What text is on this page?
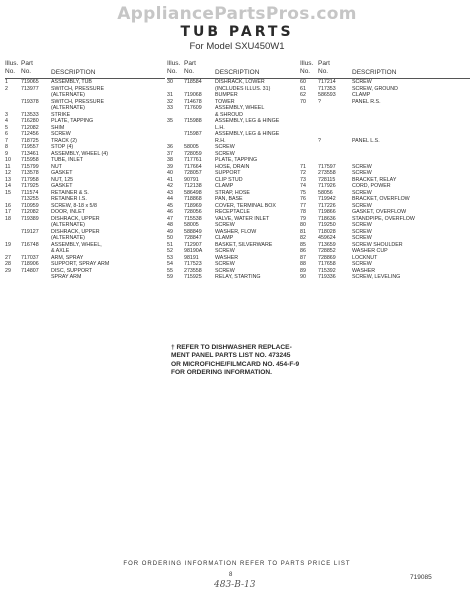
AppliancePartsPros.com
TUB PARTS
For Model SXU450W1
Illus.
No.
Part
No.	DESCRIPTION
1 719065 ASSEMBLY, TUB
2 713977 SWITCH, PRESSURE
(ALTERNATE)
719378 SWITCH, PRESSURE
(ALTERNATE)
3 713533 STRIKE
4 716280 PLATE, TAPPING
5 712082 SHIM
6 712456 SCREW
7 718725 TRACK (2)
8 719557 STOP (4)
9 713461 ASSEMBLY, WHEEL (4)
10 715958 TUBE, INLET
11 715799 NUT
12 713578 GASKET
13 717958 NUT, 125
14 717925 GASKET
15 711574 RETAINER & S.
713255 RETAINER I.S.
16 710959 SCREW, 8-18 x 5/8
17 712082 DOOR, INLET
18 719389 DISHRACK, UPPER
(ALTERNATE)
719127 DISHRACK, UPPER
(ALTERNATE)
19 716748 ASSEMBLY, WHEEL,
& AXLE
27 717037 ARM, SPRAY
28 718906 SUPPORT, SPRAY ARM
29 714807 DISC, SUPPORT
SPRAY ARM
Illus.
No.
Part
No.	DESCRIPTION
30 718584	DISHRACK, LOWER
(INCLUDES ILLUS. 31)
31 719068	BUMPER
32 714678	TOWER
33 717609	ASSEMBLY, WHEEL
& SHROUD
35 715988	ASSEMBLY, LEG & HINGE
L.H.
715987	ASSEMBLY, LEG & HINGE
R.H.
36 58005	SCREW
37 728059	SCREW
38 717761	PLATE, TAPPING
39 717664	HOSE, DRAIN
40 728057	SUPPORT
41 90791	CLIP STUD
42 712138	CLAMP
43 586498	STRAP, HOSE
44 718868	PAN, BASE
45 718969	COVER, TERMINAL BOX
46 728056	RECEPTACLE
47 715538	VALVE, WATER INLET
48 58005	SCREW
49 588849	WASHER, FLOW
50 728847	CLAMP
51 712907	BASKET, SILVERWARE
52 98190A SCREW
53 98191	WASHER
54 717523	SCREW
55 273558	SCREW
59 715925	RELAY, STARTING
Illus.
No.
Part
No.	DESCRIPTION
60 717214	SCREW
61 717353	SCREW, GROUND
62 586593	CLAMP
70 ?	PANEL R.S.
?	PANEL L.S.
71 717597	SCREW
72 273558	SCREW
73 728115	BRACKET, RELAY
74 717926	CORD, POWER
75 58056	SCREW
76 719942	BRACKET, OVERFLOW
77 717226	SCREW
78 719866	GASKET, OVERFLOW
79 718636	STANDPIPE, OVERFLOW
80 719250	SCREW
81 718028	SCREW
82 459624	SCREW
85 713659	SCREW SHOULDER
86 728852	WASHER CUP
87 728869	LOCKNUT
88 717658	SCREW
89 715392	WASHER
90 719336	SCREW, LEVELING
† REFER TO DISHWASHER REPLACE-
MENT PANEL PARTS LIST NO. 473245
OR MICROFICHE/FILMCARD NO. 454-F-9
FOR ORDERING INFORMATION.
FOR ORDERING INFORMATION REFER TO PARTS PRICE LIST
8
483-B-13
719085
